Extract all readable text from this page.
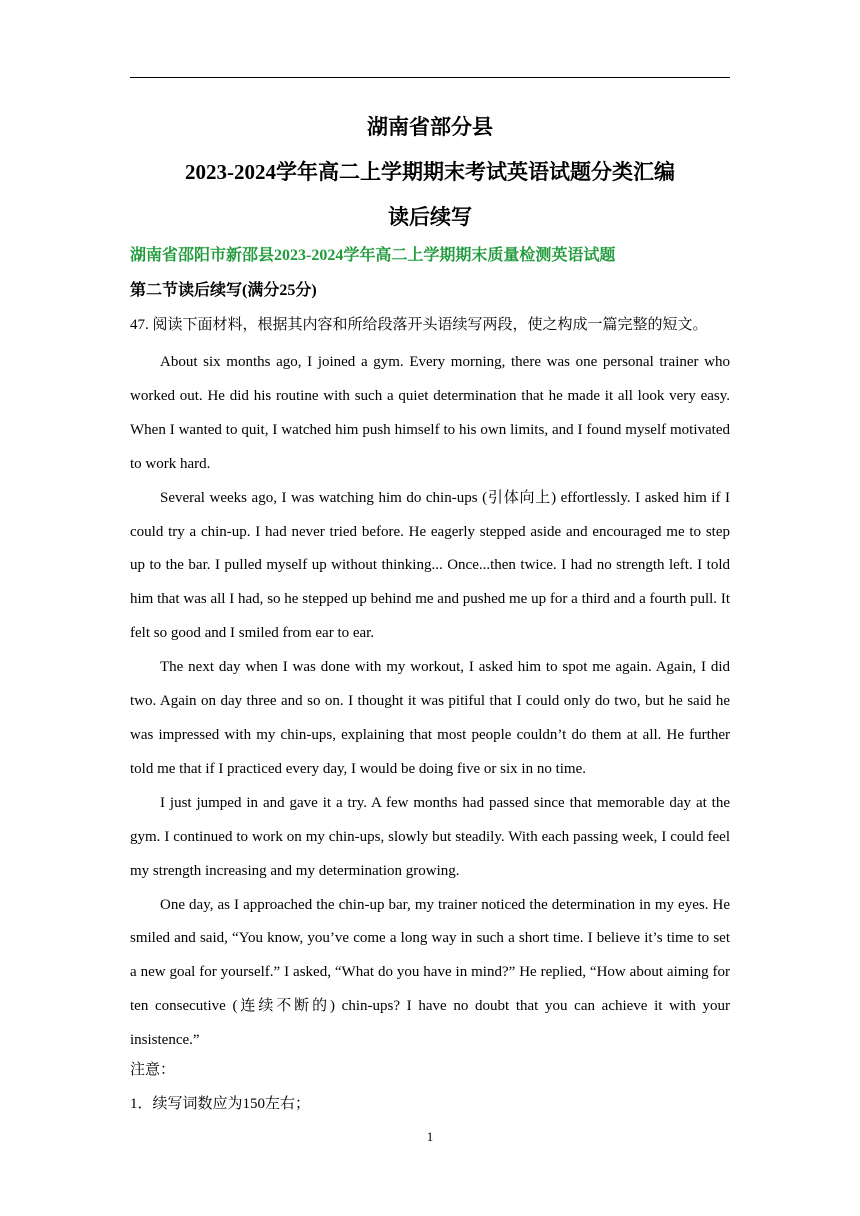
湖南省部分县
2023-2024学年高二上学期期末考试英语试题分类汇编
读后续写
湖南省邵阳市新邵县2023-2024学年高二上学期期末质量检测英语试题
第二节读后续写(满分25分)
47. 阅读下面材料，根据其内容和所给段落开头语续写两段，使之构成一篇完整的短文。

About six months ago, I joined a gym. Every morning, there was one personal trainer who worked out. He did his routine with such a quiet determination that he made it all look very easy. When I wanted to quit, I watched him push himself to his own limits, and I found myself motivated to work hard.

Several weeks ago, I was watching him do chin-ups (引体向上) effortlessly. I asked him if I could try a chin-up. I had never tried before. He eagerly stepped aside and encouraged me to step up to the bar. I pulled myself up without thinking... Once...then twice. I had no strength left. I told him that was all I had, so he stepped up behind me and pushed me up for a third and a fourth pull. It felt so good and I smiled from ear to ear.

The next day when I was done with my workout, I asked him to spot me again. Again, I did two. Again on day three and so on. I thought it was pitiful that I could only do two, but he said he was impressed with my chin-ups, explaining that most people couldn’t do them at all. He further told me that if I practiced every day, I would be doing five or six in no time.

I just jumped in and gave it a try. A few months had passed since that memorable day at the gym. I continued to work on my chin-ups, slowly but steadily. With each passing week, I could feel my strength increasing and my determination growing.

One day, as I approached the chin-up bar, my trainer noticed the determination in my eyes. He smiled and said, “You know, you’ve come a long way in such a short time. I believe it’s time to set a new goal for yourself.” I asked, “What do you have in mind?” He replied, “How about aiming for ten consecutive (连续不断的) chin-ups? I have no doubt that you can achieve it with your insistence.”

注意：
1．续写词数应为150左右；
1
